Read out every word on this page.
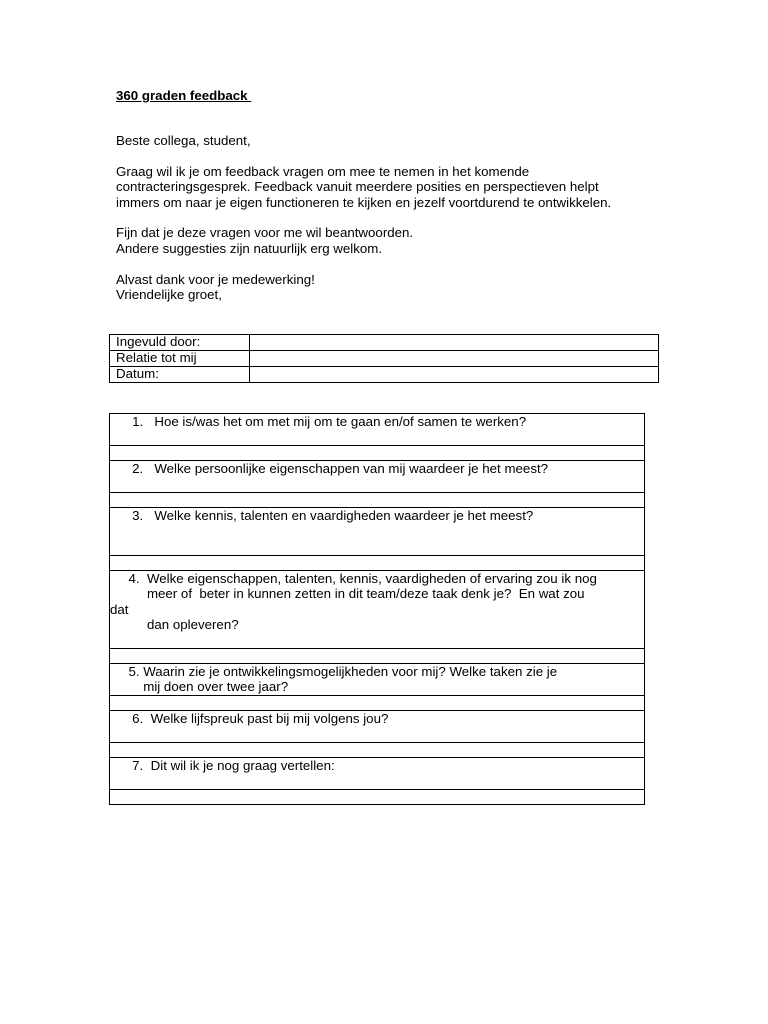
360 graden feedback

Beste collega, student,

Graag wil ik je om feedback vragen om mee te nemen in het komende

contracteringsgesprek. Feedback vanuit meerdere posities en perspectieven helpt

immers om naar je eigen functioneren te kijken en jezelf voortdurend te ontwikkelen.

Fijn dat je deze vragen voor me wil beantwoorden.

Andere suggesties zijn natuurlijk erg welkom.

Alvast dank voor je medewerking!

Vriendelijke groet,

Ingevuld door:	
Relatie tot mij	
Datum:	
1.   Hoe is/was het om met mij om te gaan en/of samen te werken?

2.   Welke persoonlijke eigenschappen van mij waardeer je het meest?

3.   Welke kennis, talenten en vaardigheden waardeer je het meest?

4.  Welke eigenschappen, talenten, kennis, vaardigheden of ervaring zou ik nog
meer of  beter in kunnen zetten in dit team/deze taak denk je?  En wat zou
dat
dan opleveren?

5. Waarin zie je ontwikkelingsmogelijkheden voor mij? Welke taken zie je
mij doen over twee jaar?

6.  Welke lijfspreuk past bij mij volgens jou?

7.  Dit wil ik je nog graag vertellen:
